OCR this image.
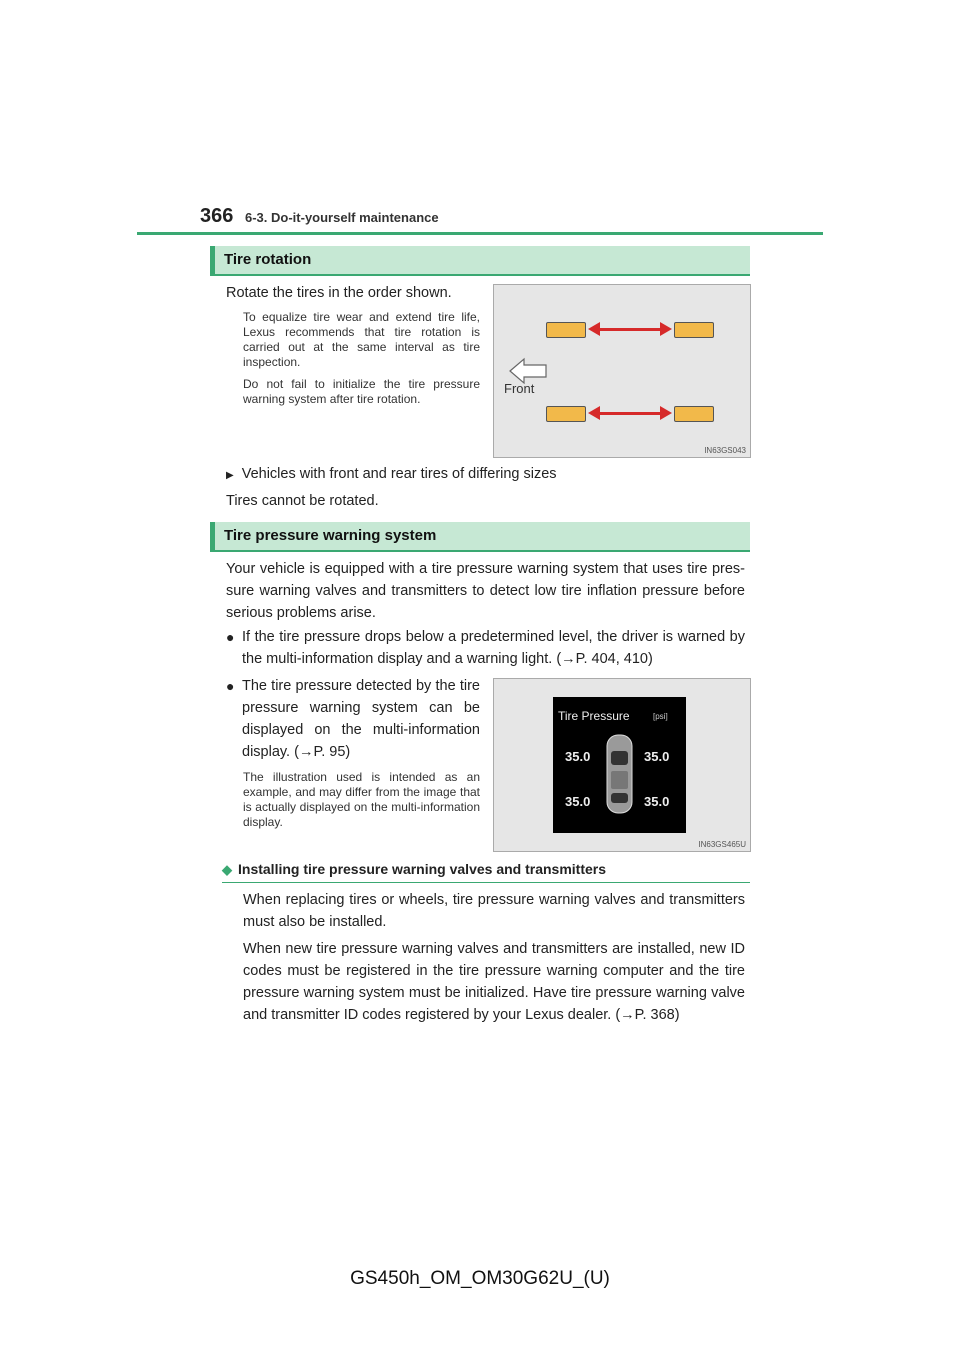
366 6-3. Do-it-yourself maintenance
Tire rotation
Rotate the tires in the order shown.
To equalize tire wear and extend tire life, Lexus recommends that tire rotation is carried out at the same interval as tire inspection.
Do not fail to initialize the tire pressure warning system after tire rotation.
Front
IN63GS043
▶ Vehicles with front and rear tires of differing sizes
Tires cannot be rotated.
Tire pressure warning system
Your vehicle is equipped with a tire pressure warning system that uses tire pres-sure warning valves and transmitters to detect low tire inflation pressure before serious problems arise.
● If the tire pressure drops below a predetermined level, the driver is warned by the multi-information display and a warning light. (→P. 404, 410)
● The tire pressure detected by the tire pressure warning system can be displayed on the multi-information display. (→P. 95)
The illustration used is intended as an example, and may differ from the image that is actually displayed on the multi-information display.
Tire Pressure	[psi]
35.0	35.0
35.0	35.0
IN63GS465U
◆ Installing tire pressure warning valves and transmitters
When replacing tires or wheels, tire pressure warning valves and transmitters must also be installed.
When new tire pressure warning valves and transmitters are installed, new ID codes must be registered in the tire pressure warning computer and the tire pressure warning system must be initialized. Have tire pressure warning valve and transmitter ID codes registered by your Lexus dealer. (→P. 368)
GS450h_OM_OM30G62U_(U)
